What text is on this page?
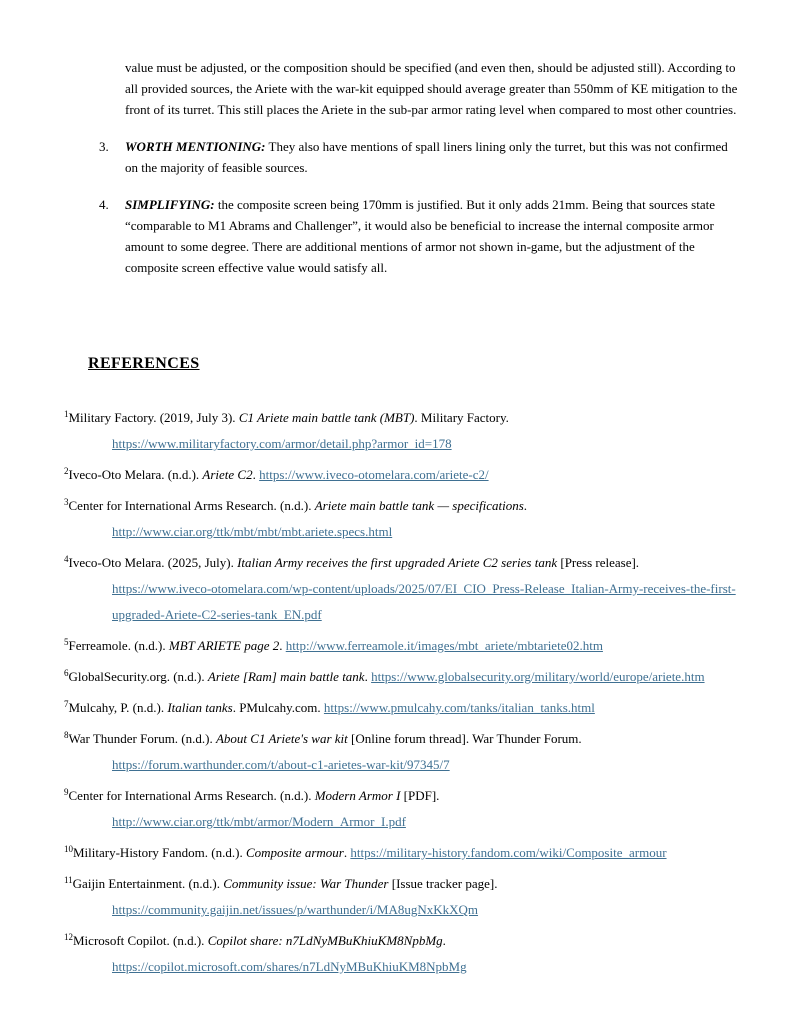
value must be adjusted, or the composition should be specified (and even then, should be adjusted still). According to all provided sources, the Ariete with the war-kit equipped should average greater than 550mm of KE mitigation to the front of its turret. This still places the Ariete in the sub-par armor rating level when compared to most other countries.

3.	WORTH MENTIONING: They also have mentions of spall liners lining only the turret, but this was not confirmed on the majority of feasible sources.
4.	SIMPLIFYING: the composite screen being 170mm is justified. But it only adds 21mm. Being that sources state “comparable to M1 Abrams and Challenger”, it would also be beneficial to increase the internal composite armor amount to some degree. There are additional mentions of armor not shown in-game, but the adjustment of the composite screen effective value would satisfy all.
REFERENCES

$^1$Military Factory. (2019, July 3). C1 Ariete main battle tank (MBT). Military Factory.
https://www.militaryfactory.com/armor/detail.php?armor_id=178

$^2$Iveco-Oto Melara. (n.d.). Ariete C2. https://www.iveco-otomelara.com/ariete-c2/

$^3$Center for International Arms Research. (n.d.). Ariete main battle tank — specifications.
http://www.ciar.org/ttk/mbt/mbt/mbt.ariete.specs.html

$^4$Iveco-Oto Melara. (2025, July). Italian Army receives the first upgraded Ariete C2 series tank [Press release].
https://www.iveco-otomelara.com/wp-content/uploads/2025/07/EI_CIO_Press-Release_Italian-Army-receives-the-first-upgraded-Ariete-C2-series-tank_EN.pdf

$^5$Ferreamole. (n.d.). MBT ARIETE page 2. http://www.ferreamole.it/images/mbt_ariete/mbtariete02.htm

$^6$GlobalSecurity.org. (n.d.). Ariete [Ram] main battle tank. https://www.globalsecurity.org/military/world/europe/ariete.htm

$^7$Mulcahy, P. (n.d.). Italian tanks. PMulcahy.com. https://www.pmulcahy.com/tanks/italian_tanks.html

$^8$War Thunder Forum. (n.d.). About C1 Ariete's war kit [Online forum thread]. War Thunder Forum.
https://forum.warthunder.com/t/about-c1-arietes-war-kit/97345/7

$^9$Center for International Arms Research. (n.d.). Modern Armor I [PDF].
http://www.ciar.org/ttk/mbt/armor/Modern_Armor_I.pdf

$^{10}$Military-History Fandom. (n.d.). Composite armour. https://military-history.fandom.com/wiki/Composite_armour

$^{11}$Gaijin Entertainment. (n.d.). Community issue: War Thunder [Issue tracker page].
https://community.gaijin.net/issues/p/warthunder/i/MA8ugNxKkXQm

$^{12}$Microsoft Copilot. (n.d.). Copilot share: n7LdNyMBuKhiuKM8NpbMg.
https://copilot.microsoft.com/shares/n7LdNyMBuKhiuKM8NpbMg
